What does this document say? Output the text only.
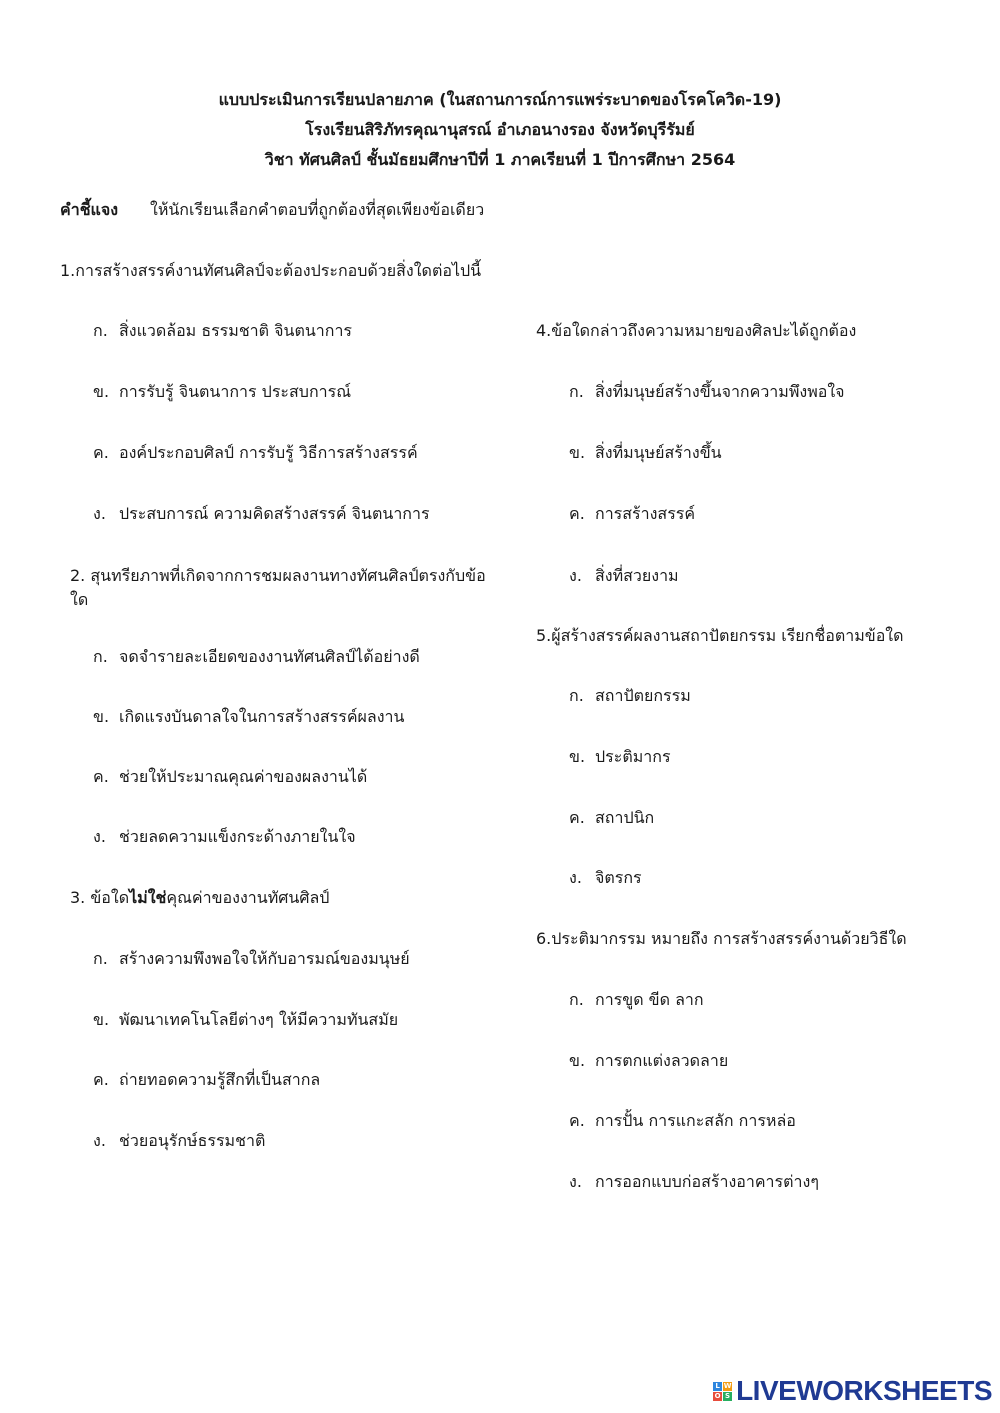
แบบประเมินการเรียนปลายภาค (ในสถานการณ์การแพร่ระบาดของโรคโควิด-19)
โรงเรียนสิริภัทรคุณานุสรณ์ อำเภอนางรอง จังหวัดบุรีรัมย์
วิชา ทัศนศิลป์ ชั้นมัธยมศึกษาปีที่ 1 ภาคเรียนที่ 1 ปีการศึกษา 2564
คำชี้แจง ให้นักเรียนเลือกคำตอบที่ถูกต้องที่สุดเพียงข้อเดียว
1.การสร้างสรรค์งานทัศนศิลป์จะต้องประกอบด้วยสิ่งใดต่อไปนี้
ก. สิ่งแวดล้อม ธรรมชาติ จินตนาการ
ข. การรับรู้ จินตนาการ ประสบการณ์
ค. องค์ประกอบศิลป์ การรับรู้ วิธีการสร้างสรรค์
ง. ประสบการณ์ ความคิดสร้างสรรค์ จินตนาการ
2. สุนทรียภาพที่เกิดจากการชมผลงานทางทัศนศิลป์ตรงกับข้อใด
ก. จดจำรายละเอียดของงานทัศนศิลป์ได้อย่างดี
ข. เกิดแรงบันดาลใจในการสร้างสรรค์ผลงาน
ค. ช่วยให้ประมาณคุณค่าของผลงานได้
ง. ช่วยลดความแข็งกระด้างภายในใจ
3. ข้อใดไม่ใช่คุณค่าของงานทัศนศิลป์
ก. สร้างความพึงพอใจให้กับอารมณ์ของมนุษย์
ข. พัฒนาเทคโนโลยีต่างๆ ให้มีความทันสมัย
ค. ถ่ายทอดความรู้สึกที่เป็นสากล
ง. ช่วยอนุรักษ์ธรรมชาติ
4.ข้อใดกล่าวถึงความหมายของศิลปะได้ถูกต้อง
ก. สิ่งที่มนุษย์สร้างขึ้นจากความพึงพอใจ
ข. สิ่งที่มนุษย์สร้างขึ้น
ค. การสร้างสรรค์
ง. สิ่งที่สวยงาม
5.ผู้สร้างสรรค์ผลงานสถาปัตยกรรม เรียกชื่อตามข้อใด
ก. สถาปัตยกรรม
ข. ประติมากร
ค. สถาปนิก
ง. จิตรกร
6.ประติมากรรม หมายถึง การสร้างสรรค์งานด้วยวิธีใด
ก. การขูด ขีด ลาก
ข. การตกแต่งลวดลาย
ค. การปั้น การแกะสลัก การหล่อ
ง. การออกแบบก่อสร้างอาคารต่างๆ
L W
O S LIVEWORKSHEETS
